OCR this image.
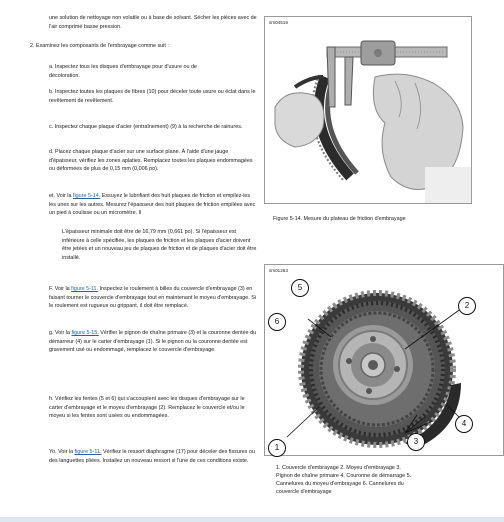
une solution de nettoyage non volatile ou à base de solvant. Sécher les pièces avec de l'air comprimé basse pression.

2. Examinez les composants de l'embrayage comme suit :

a. Inspectez tous les disques d'embrayage pour d'usure ou de décoloration.

b. Inspectez toutes les plaques de fibres (10) pour déceler toute usure ou éclat dans le revêtement de revêtement.

c. Inspectez chaque plaque d'acier (entraînement) (9) à la recherche de rainures.

d. Placez chaque plaque d'acier sur une surface plane. À l'aide d'une jauge d'épaisseur, vérifiez les zones aplaties. Remplacez toutes les plaques endommagées ou déformées de plus de 0,15 mm (0,006 po).

et. Voir la figure 5-14. Essuyez le lubrifiant des huit plaques de friction et empilez-les les unes sur les autres. Mesurez l'épaisseur des huit plaques de friction empilées avec un pied à coulisse ou un micromètre. Il

L'épaisseur minimale doit être de 16,79 mm (0,661 po). Si l'épaisseur est inférieure à celle spécifiée, les plaques de friction et les plaques d'acier doivent être jetées et un nouveau jeu de plaques de friction et de plaques d'acier doit être installé.

F. Voir la figure 5-11. Inspectez le roulement à billes du couvercle d'embrayage (3) en faisant tourner le couvercle d'embrayage tout en maintenant le moyeu d'embrayage. Si le roulement est rugueux ou grippant, il doit être remplacé.

g. Voir la figure 5-15. Vérifier le pignon de chaîne primaire (3) et la couronne dentée du démarreur (4) sur le carter d'embrayage (1). Si le pignon ou la couronne dentée est gravement usé ou endommagé, remplacez le couvercle d'embrayage.

h. Vérifiez les fentes (5 et 6) qui s'accouplent avec les disques d'embrayage sur le carter d'embrayage et le moyeu d'embrayage (2). Remplacez le couvercle et/ou le moyeu si les fentes sont usées ou endommagées.

Yo. Voir la figure 5-11. Vérifiez le ressort diaphragme (17) pour déceler des fissures ou des languettes pliées. Installez un nouveau ressort si l'une de ces conditions existe.

sm04519

Figure 5-14. Mesure du plateau de friction d'embrayage

sm01263
5
6
2
1
3
4

1. Couvercle d'embrayage 2. Moyeu d'embrayage 3. Pignon de chaîne primaire 4. Couronne de démarrage 5. Cannelures du moyeu d'embrayage 6. Cannelures du couvercle d'embrayage
